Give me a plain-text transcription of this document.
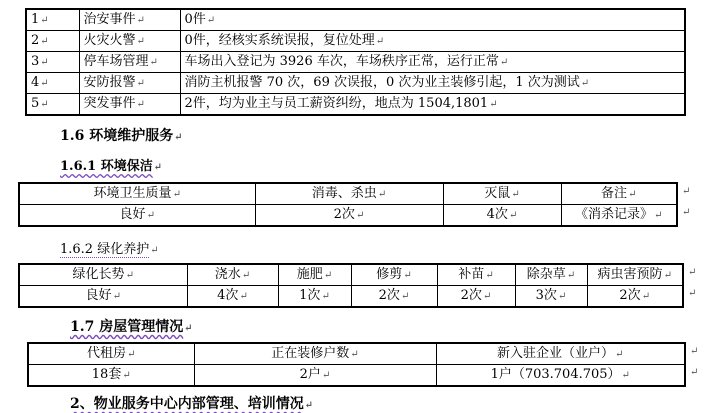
1↵	治安事件↵	0件↵
2↵	火灾火警↵	0件，经核实系统误报，复位处理↵
3↵	停车场管理↵	车场出入登记为 3926 车次，车场秩序正常，运行正常↵
4↵	安防报警↵	消防主机报警 70 次，69 次误报，0 次为业主装修引起，1 次为测试↵
5↵	突发事件↵	2件，均为业主与员工薪资纠纷，地点为 1504,1801↵
1.6 环境维护服务↵
1.6.1 环境保洁↵
环境卫生质量↵	消毒、杀虫↵	灭鼠↵	备注↵
良好↵	2次↵	4次↵	《消杀记录》↵
↵
↵
1.6.2 绿化养护↵
绿化长势↵	浇水↵	施肥↵	修剪↵	补苗↵	除杂草↵	病虫害预防↵
良好↵	4次↵	1次↵	2次↵	2次↵	3次↵	2次↵
↵
↵
1.7 房屋管理情况↵
代租房↵	正在装修户数↵	新入驻企业（业户）↵
18套↵	2户↵	1户（703.704.705）↵
↵
↵
2、物业服务中心内部管理、培训情况↵
